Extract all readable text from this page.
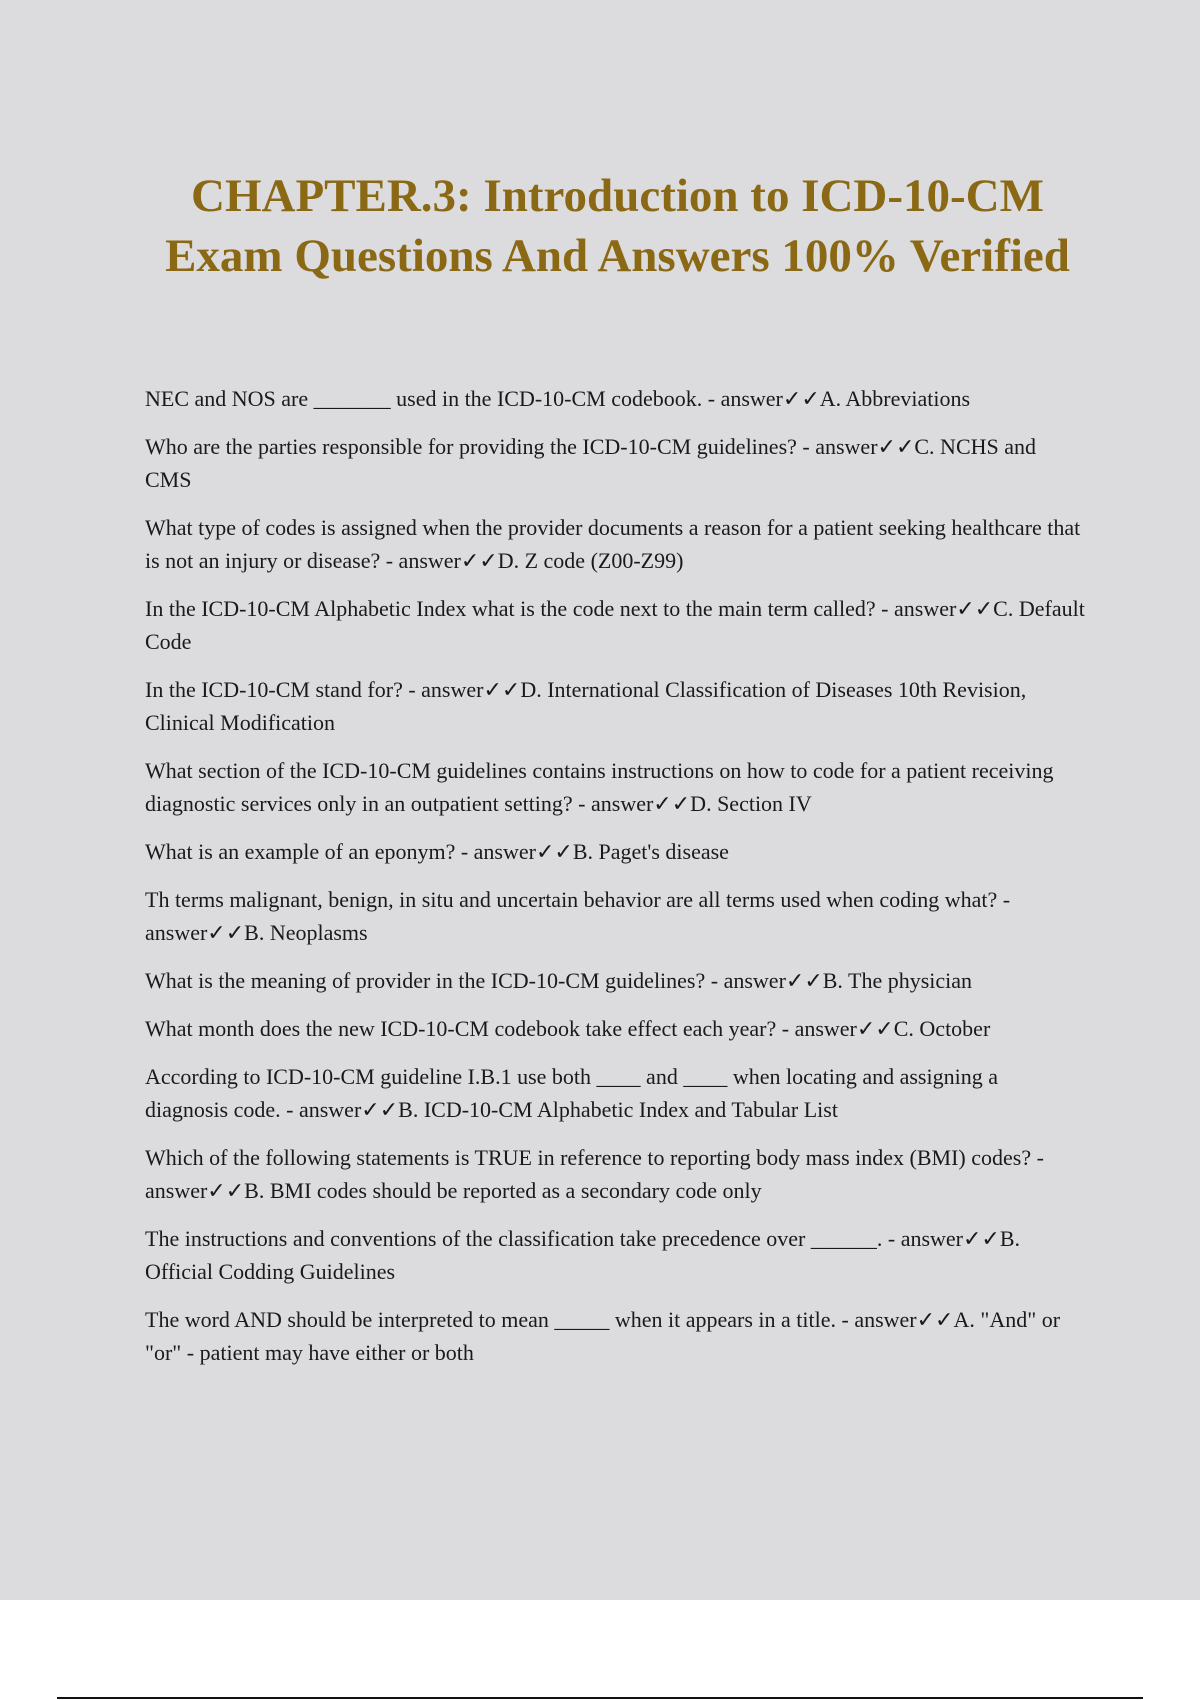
CHAPTER.3: Introduction to ICD-10-CM
Exam Questions And Answers 100% Verified

NEC and NOS are _______ used in the ICD-10-CM codebook. - answer✓✓A. Abbreviations

Who are the parties responsible for providing the ICD-10-CM guidelines? - answer✓✓C. NCHS and CMS

What type of codes is assigned when the provider documents a reason for a patient seeking healthcare that is not an injury or disease? - answer✓✓D. Z code (Z00-Z99)

In the ICD-10-CM Alphabetic Index what is the code next to the main term called? - answer✓✓C. Default Code

In the ICD-10-CM stand for? - answer✓✓D. International Classification of Diseases 10th Revision, Clinical Modification

What section of the ICD-10-CM guidelines contains instructions on how to code for a patient receiving diagnostic services only in an outpatient setting? - answer✓✓D. Section IV

What is an example of an eponym? - answer✓✓B. Paget's disease

Th terms malignant, benign, in situ and uncertain behavior are all terms used when coding what? - answer✓✓B. Neoplasms

What is the meaning of provider in the ICD-10-CM guidelines? - answer✓✓B. The physician

What month does the new ICD-10-CM codebook take effect each year? - answer✓✓C. October

According to ICD-10-CM guideline I.B.1 use both ____ and ____ when locating and assigning a diagnosis code. - answer✓✓B. ICD-10-CM Alphabetic Index and Tabular List

Which of the following statements is TRUE in reference to reporting body mass index (BMI) codes? - answer✓✓B. BMI codes should be reported as a secondary code only

The instructions and conventions of the classification take precedence over ______. - answer✓✓B. Official Codding Guidelines

The word AND should be interpreted to mean _____ when it appears in a title. - answer✓✓A. "And" or "or" - patient may have either or both
